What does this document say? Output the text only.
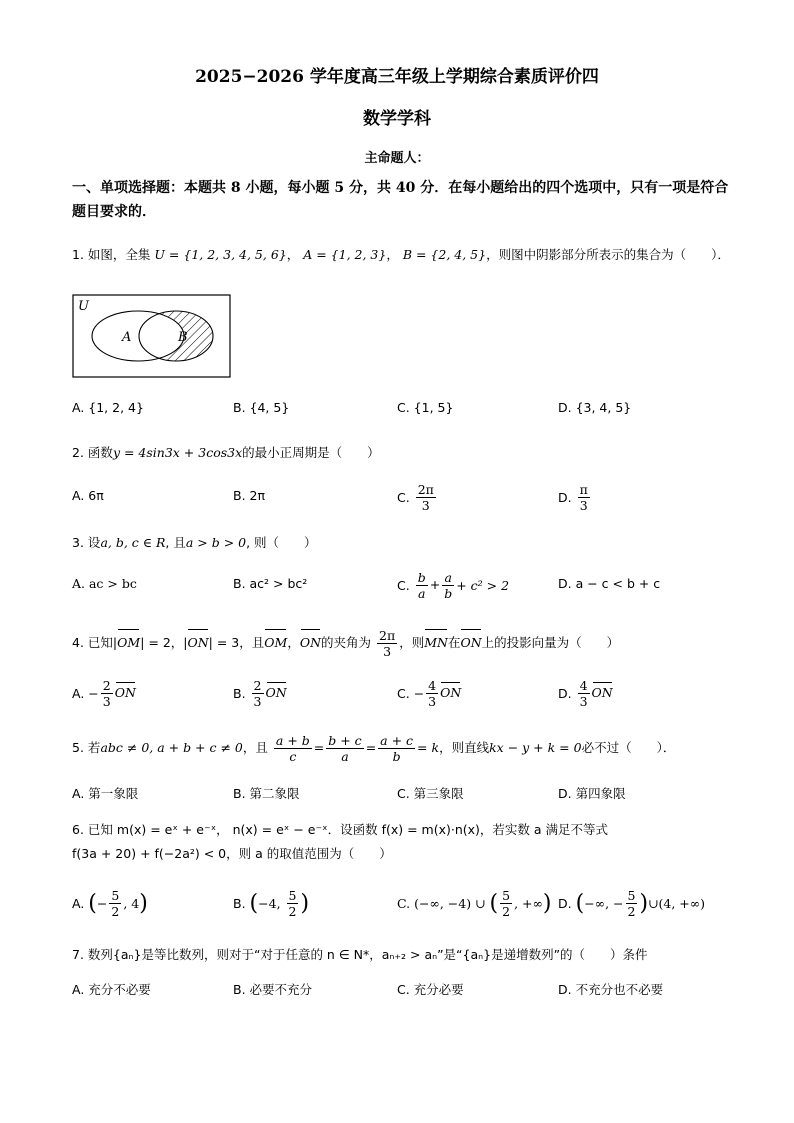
2025−2026 学年度高三年级上学期综合素质评价四
数学学科
主命题人：
一、单项选择题：本题共 8 小题，每小题 5 分，共 40 分．在每小题给出的四个选项中，只有一项是符合题目要求的．
1. 如图，全集 U = {1, 2, 3, 4, 5, 6}， A = {1, 2, 3}， B = {2, 4, 5}，则图中阴影部分所表示的集合为（　　）．
U
A	B
A. {1, 2, 4}	B. {4, 5}	C. {1, 5}	D. {3, 4, 5}
2. 函数y = 4sin3x + 3cos3x的最小正周期是（　　）
A. 6π	B. 2π	C. $\frac{2\pi}{3}$	D. $\frac{\pi}{3}$
3. 设a, b, c ∈ R, 且a > b > 0, 则（　　）
A. ac > bc	B. ac² > bc²	C. $\frac{b}{a} + \frac{a}{b} + c^2 > 2$	D. a − c < b + c
4. 已知|OM| = 2，|ON| = 3，且OM，ON的夹角为 $\frac{2\pi}{3}$ ，则MN在ON上的投影向量为（　　）
A. − $\frac{2}{3}$ ON	B. $\frac{2}{3}$ ON	C. − $\frac{4}{3}$ ON	D. $\frac{4}{3}$ ON
5. 若abc ≠ 0, a + b + c ≠ 0，且 $\frac{a + b}{c} = \frac{b + c}{a} = \frac{a + c}{b} = k$，则直线kx − y + k = 0必不过（　　）．
A. 第一象限	B. 第二象限	C. 第三象限	D. 第四象限
6. 已知 m(x) = eˣ + e⁻ˣ， n(x) = eˣ − e⁻ˣ．设函数 f(x) = m(x)·n(x)，若实数 a 满足不等式
f(3a + 20) + f(−2a²) < 0，则 a 的取值范围为（　　）
A. (− $\frac{5}{2}$ , 4)	B. (−4, $\frac{5}{2}$ )	C. (−∞, −4) ∪ ( $\frac{5}{2}$ , +∞) D. (−∞, − $\frac{5}{2}$ )∪(4, +∞)
7. 数列{aₙ}是等比数列，则对于“对于任意的 n ∈ N*，aₙ₊₂ > aₙ”是“{aₙ}是递增数列”的（　　）条件
A. 充分不必要	B. 必要不充分	C. 充分必要	D. 不充分也不必要
